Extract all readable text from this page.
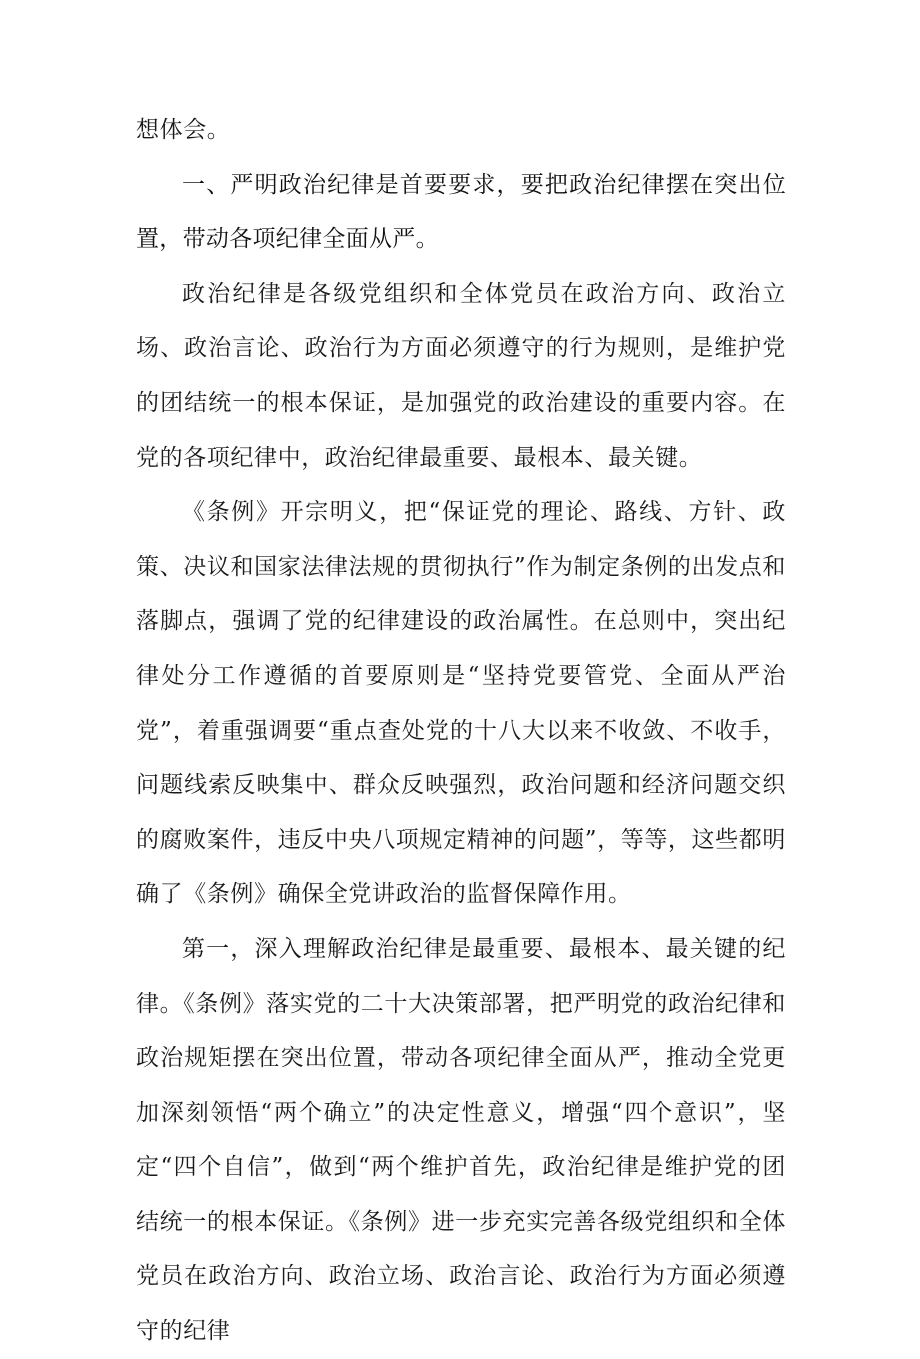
想体会。

一、严明政治纪律是首要要求，要把政治纪律摆在突出位置，带动各项纪律全面从严。

政治纪律是各级党组织和全体党员在政治方向、政治立场、政治言论、政治行为方面必须遵守的行为规则，是维护党的团结统一的根本保证，是加强党的政治建设的重要内容。在党的各项纪律中，政治纪律最重要、最根本、最关键。

《条例》开宗明义，把“保证党的理论、路线、方针、政策、决议和国家法律法规的贯彻执行”作为制定条例的出发点和落脚点，强调了党的纪律建设的政治属性。在总则中，突出纪律处分工作遵循的首要原则是“坚持党要管党、全面从严治党”，着重强调要“重点查处党的十八大以来不收敛、不收手，问题线索反映集中、群众反映强烈，政治问题和经济问题交织的腐败案件，违反中央八项规定精神的问题”，等等，这些都明确了《条例》确保全党讲政治的监督保障作用。

第一，深入理解政治纪律是最重要、最根本、最关键的纪律。《条例》落实党的二十大决策部署，把严明党的政治纪律和政治规矩摆在突出位置，带动各项纪律全面从严，推动全党更加深刻领悟“两个确立”的决定性意义，增强“四个意识”，坚定“四个自信”，做到“两个维护首先，政治纪律是维护党的团结统一的根本保证。《条例》进一步充实完善各级党组织和全体党员在政治方向、政治立场、政治言论、政治行为方面必须遵守的纪律
